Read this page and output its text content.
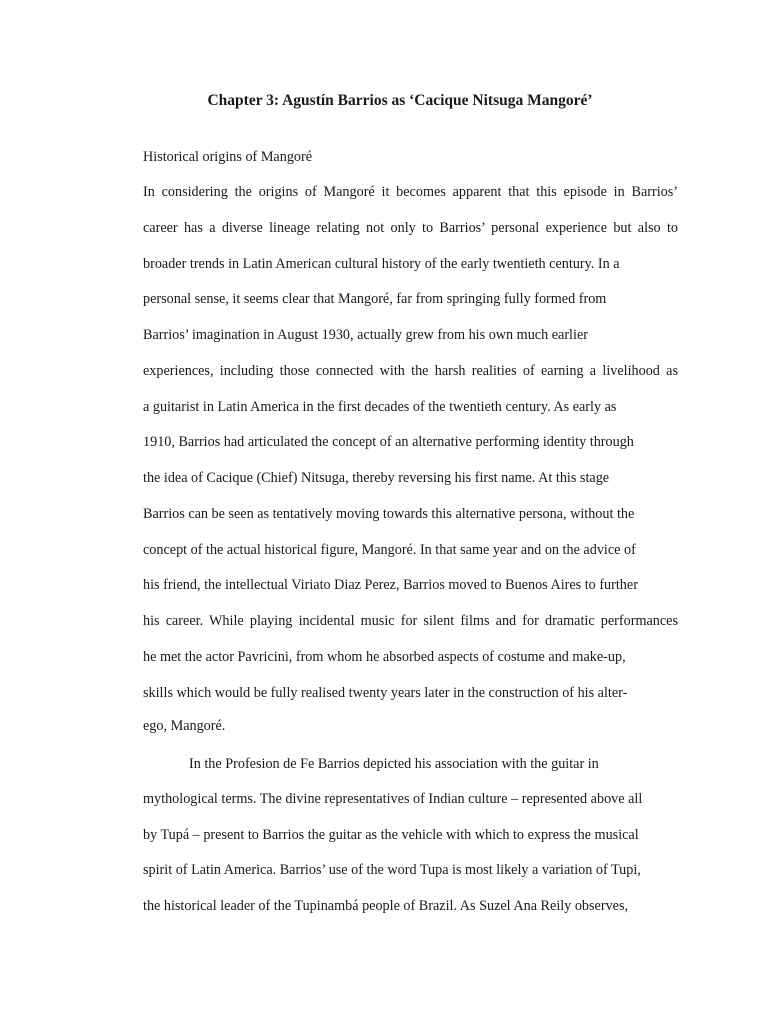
Chapter 3: Agustín Barrios as ‘Cacique Nitsuga Mangoré’
Historical origins of Mangoré
In considering the origins of Mangoré it becomes apparent that this episode in Barrios’
career has a diverse lineage relating not only to Barrios’ personal experience but also to
broader trends in Latin American cultural history of the early twentieth century. In a
personal sense, it seems clear that Mangoré, far from springing fully formed from
Barrios’ imagination in August 1930, actually grew from his own much earlier
experiences, including those connected with the harsh realities of earning a livelihood as
a guitarist in Latin America in the first decades of the twentieth century. As early as
1910, Barrios had articulated the concept of an alternative performing identity through
the idea of Cacique (Chief) Nitsuga, thereby reversing his first name. At this stage
Barrios can be seen as tentatively moving towards this alternative persona, without the
concept of the actual historical figure, Mangoré. In that same year and on the advice of
his friend, the intellectual Viriato Diaz Perez, Barrios moved to Buenos Aires to further
his career. While playing incidental music for silent films and for dramatic performances
he met the actor Pavricini, from whom he absorbed aspects of costume and make-up,
skills which would be fully realised twenty years later in the construction of his alter-
ego, Mangoré.
In the Profesion de Fe Barrios depicted his association with the guitar in
mythological terms. The divine representatives of Indian culture – represented above all
by Tupá – present to Barrios the guitar as the vehicle with which to express the musical
spirit of Latin America. Barrios’ use of the word Tupa is most likely a variation of Tupi,
the historical leader of the Tupinambá people of Brazil. As Suzel Ana Reily observes,
